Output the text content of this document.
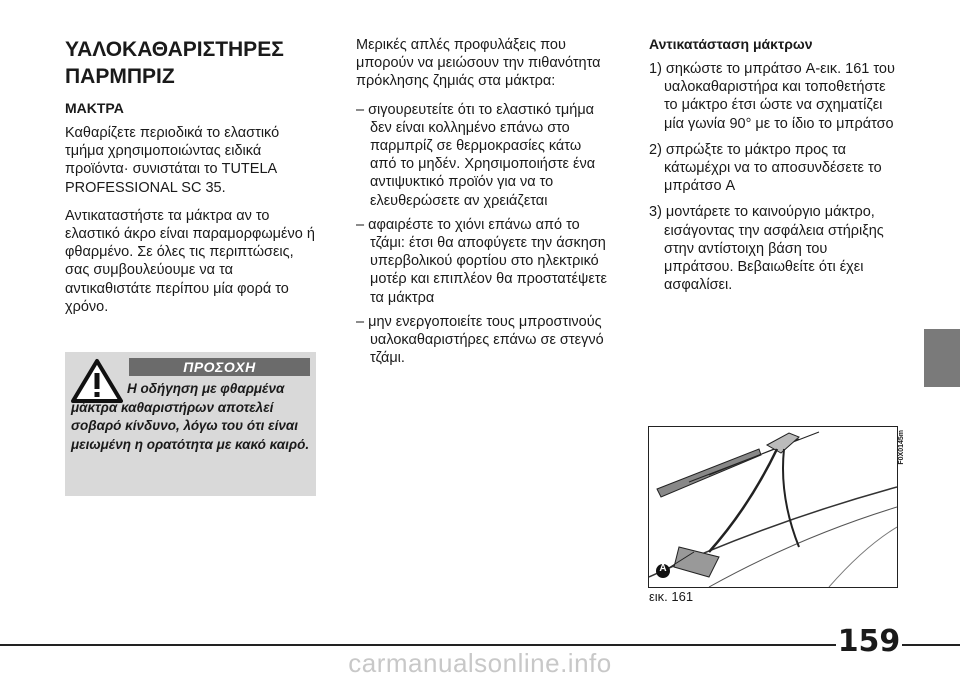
ΥΑΛΟΚΑΘΑΡΙΣΤΗΡΕΣ
ΠΑΡΜΠΡΙΖ
ΜΑΚΤΡΑ

Καθαρίζετε περιοδικά το ελαστικό τμήμα χρησιμοποιώντας ειδικά προϊόντα· συνιστάται το TUTELA PROFESSIONAL SC 35.

Αντικαταστήστε τα μάκτρα αν το ελαστικό άκρο είναι παραμορφωμένο ή φθαρμένο. Σε όλες τις περιπτώσεις, σας συμβουλεύουμε να τα αντικαθιστάτε περίπου μία φορά το χρόνο.

ΠΡΟΣΟΧΗ

Η οδήγηση με φθαρμένα μάκτρα καθαριστήρων αποτελεί σοβαρό κίνδυνο, λόγω του ότι είναι μειωμένη η ορατότητα με κακό καιρό.

Μερικές απλές προφυλάξεις που μπορούν να μειώσουν την πιθανότητα πρόκλησης ζημιάς στα μάκτρα:

– σιγουρευτείτε ότι το ελαστικό τμήμα δεν είναι κολλημένο επάνω στο παρμπρίζ σε θερμοκρασίες κάτω από το μηδέν. Χρησιμοποιήστε ένα αντιψυκτικό προϊόν για να το ελευθερώσετε αν χρειάζεται

– αφαιρέστε το χιόνι επάνω από το τζάμι: έτσι θα αποφύγετε την άσκηση υπερβολικού φορτίου στο ηλεκτρικό μοτέρ και επιπλέον θα προστατέψετε τα μάκτρα

– μην ενεργοποιείτε τους μπροστινούς υαλοκαθαριστήρες επάνω σε στεγνό τζάμι.

Αντικατάσταση μάκτρων

1) σηκώστε το μπράτσο A-εικ. 161 του υαλοκαθαριστήρα και τοποθετήστε το μάκτρο έτσι ώστε να σχηματίζει μία γωνία 90° με το ίδιο το μπράτσο

2) σπρώξτε το μάκτρο προς τα κάτωμέχρι να το αποσυνδέσετε το μπράτσο A

3) μοντάρετε το καινούργιο μάκτρο, εισάγοντας την ασφάλεια στήριξης στην αντίστοιχη βάση του μπράτσου. Βεβαιωθείτε ότι έχει ασφαλίσει.

A
F0X0145m
εικ. 161
159
carmanualsonline.info
